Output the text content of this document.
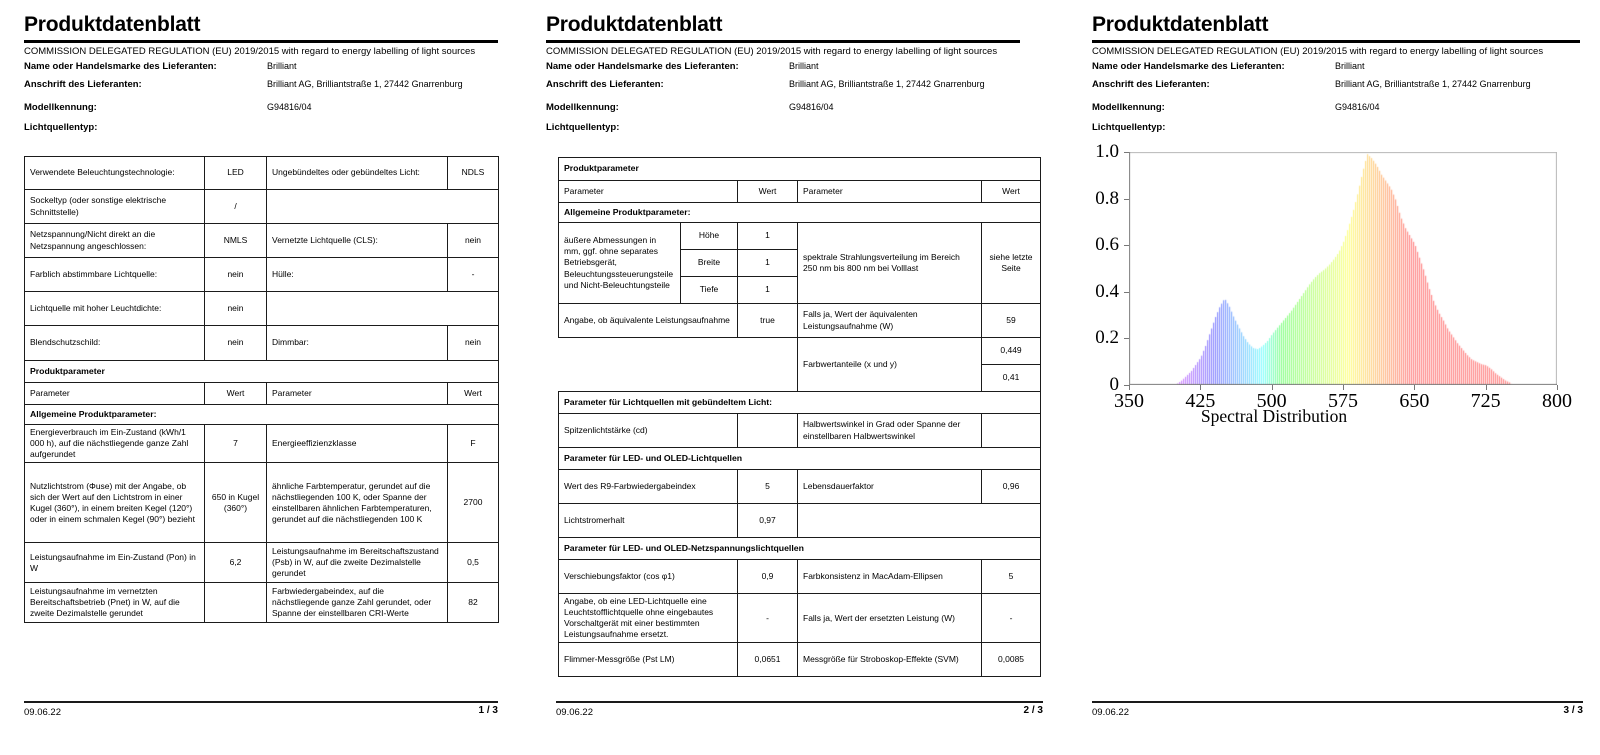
Produktdatenblatt
COMMISSION DELEGATED REGULATION (EU) 2019/2015 with regard to energy labelling of light sources
Name oder Handelsmarke des Lieferanten:	Brilliant
Anschrift des Lieferanten:	Brilliant AG, Brilliantstraße 1, 27442 Gnarrenburg
Modellkennung:	G94816/04
Lichtquellentyp:
Verwendete Beleuchtungstechnologie:	LED	Ungebündeltes oder gebündeltes Licht:	NDLS
Sockeltyp (oder sonstige elektrische Schnittstelle)	/		
Netzspannung/Nicht direkt an die Netzspannung angeschlossen:	NMLS	Vernetzte Lichtquelle (CLS):	nein
Farblich abstimmbare Lichtquelle:	nein	Hülle:	-
Lichtquelle mit hoher Leuchtdichte:	nein		
Blendschutzschild:	nein	Dimmbar:	nein
Produktparameter			
Parameter	Wert	Parameter	Wert
Allgemeine Produktparameter:			
Energieverbrauch im Ein-Zustand (kWh/1 000 h), auf die nächstliegende ganze Zahl aufgerundet	7	Energieeffizienzklasse	F
Nutzlichtstrom (Φuse) mit der Angabe, ob sich der Wert auf den Lichtstrom in einer Kugel (360°), in einem breiten Kegel (120°) oder in einem schmalen Kegel (90°) bezieht	650 in Kugel (360°)	ähnliche Farbtemperatur, gerundet auf die nächstliegenden 100 K, oder Spanne der einstellbaren ähnlichen Farbtemperaturen, gerundet auf die nächstliegenden 100 K	2700
Leistungsaufnahme im Ein-Zustand (Pon) in W	6,2	Leistungsaufnahme im Bereitschaftszustand (Psb) in W, auf die zweite Dezimalstelle gerundet	0,5
Leistungsaufnahme im vernetzten Bereitschaftsbetrieb (Pnet) in W, auf die zweite Dezimalstelle gerundet		Farbwiedergabeindex, auf die nächstliegende ganze Zahl gerundet, oder Spanne der einstellbaren CRI-Werte	82
09.06.22	1 / 3
Produktdatenblatt
COMMISSION DELEGATED REGULATION (EU) 2019/2015 with regard to energy labelling of light sources
Name oder Handelsmarke des Lieferanten:	Brilliant
Anschrift des Lieferanten:	Brilliant AG, Brilliantstraße 1, 27442 Gnarrenburg
Modellkennung:	G94816/04
Lichtquellentyp:
Produktparameter				
Parameter		Wert	Parameter	Wert
Allgemeine Produktparameter:				
äußere Abmessungen in mm, ggf. ohne separates Betriebsgerät, Beleuchtungssteuerungsteile und Nicht-Beleuchtungsteile	Höhe	1	spektrale Strahlungsverteilung im Bereich 250 nm bis 800 nm bei Volllast	siehe letzte Seite
	Breite	1		
	Tiefe	1		
Angabe, ob äquivalente Leistungsaufnahme		true	Falls ja, Wert der äquivalenten Leistungsaufnahme (W)	59
			Farbwertanteile (x und y)	0,449
				0,41
Parameter für Lichtquellen mit gebündeltem Licht:				
Spitzenlichtstärke (cd)			Halbwertswinkel in Grad oder Spanne der einstellbaren Halbwertswinkel	
Parameter für LED- und OLED-Lichtquellen				
Wert des R9-Farbwiedergabeindex		5	Lebensdauerfaktor	0,96
Lichtstromerhalt		0,97		
Parameter für LED- und OLED-Netzspannungslichtquellen				
Verschiebungsfaktor (cos φ1)		0,9	Farbkonsistenz in MacAdam-Ellipsen	5
Angabe, ob eine LED-Lichtquelle eine Leuchtstofflichtquelle ohne eingebautes Vorschaltgerät mit einer bestimmten Leistungsaufnahme ersetzt.		-	Falls ja, Wert der ersetzten Leistung (W)	-
Flimmer-Messgröße (Pst LM)		0,0651	Messgröße für Stroboskop-Effekte (SVM)	0,0085
09.06.22	2 / 3
Produktdatenblatt
COMMISSION DELEGATED REGULATION (EU) 2019/2015 with regard to energy labelling of light sources
Name oder Handelsmarke des Lieferanten:	Brilliant
Anschrift des Lieferanten:	Brilliant AG, Brilliantstraße 1, 27442 Gnarrenburg
Modellkennung:	G94816/04
Lichtquellentyp:
Spectral Distribution
09.06.22	3 / 3
0
0.2
0.4
0.6
0.8
1.0
350 425 500 575 650 725 800
